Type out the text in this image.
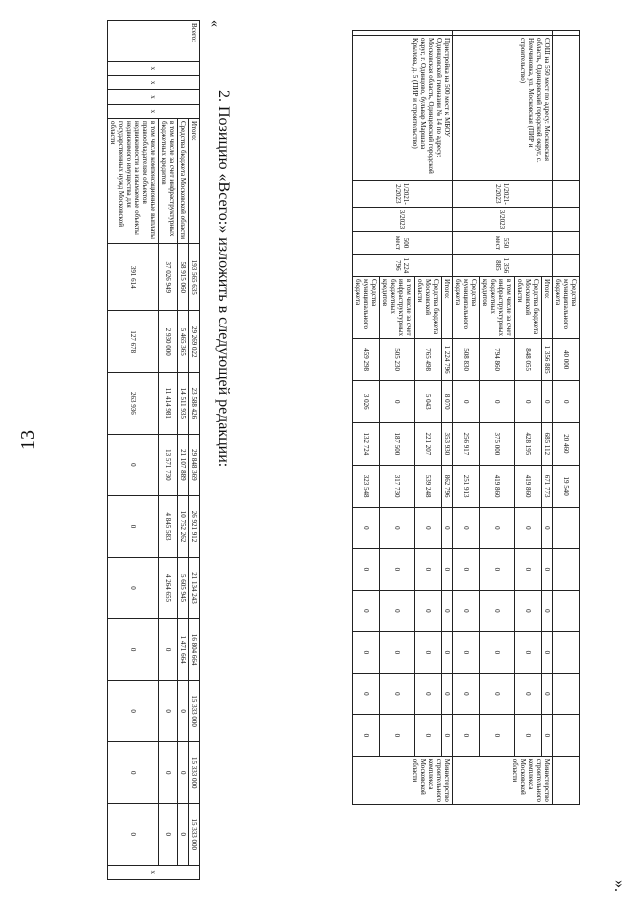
13
».
						Средства муниципального бюджета	40 000	0	20 460	19 540							
	СОШ на 550 мест по адресу: Московская область, Одинцовский городской округ, с. Немчиновка, ул. Московская (ПИР и строительство)	1/2021-2/2023	3/2023	550 мест	1 356 885	Итого:	1 356 885	0	685 112	671 773	0	0	0	0	0	0	Министерство строительного комплекса Московской области
						Средства бюджета Московской области	848 055	0	428 195	419 860	0	0	0	0	0	0	
						в том числе за счет инфраструктурных бюджетных кредитов	794 860	0	375 000	419 860	0	0	0	0	0	0	
						Средства муниципального бюджета	508 830	0	256 917	251 913	0	0	0	0	0	0	
	Пристройка на 500 мест к МБОУ Одинцовской гимназии № 14 по адресу: Московская область, Одинцовский городской округ, г. Одинцово, бульвар Маршала Крылова, д. 5 (ПИР и строительство)	1/2021-2/2023	3/2023	500 мест	1 224 796	Итого:	1 224 796	8 070	353 930	862 796	0	0	0	0	0	0	Министерство строительного комплекса Московской области
						Средства бюджета Московской области	765 498	5 043	221 207	539 248	0	0	0	0	0	0	
						в том числе за счет инфраструктурных бюджетных кредитов	505 230	0	187 500	317 730	0	0	0	0	0	0	
						Средства муниципального бюджета	459 298	3 026	132 724	323 548	0	0	0	0	0	0	
«
2. Позицию «Всего:» изложить в следующей редакции:
Всего:	x	x	x	x	Итого:	193 565 635	29 269 022	23 588 426	29 848 369	26 921 912	21 134 243	16 804 664	15 333 000	15 333 000	15 333 000	x
					Средства бюджета Московской области	58 915 060	5 465 365	14 511 935	21 107 889	10 752 262	5 605 945	1 471 664	0	0	0	
					в том числе за счет инфраструктурных бюджетных кредитов	37 026 949	2 930 000	11 414 981	13 571 730	4 845 583	4 264 655	0	0	0	0	
					в том числе компенсационные выплаты правообладателям объектов недвижимости за изымаемые объекты недвижимого имущества для государственных нужд Московской области	391 614	127 678	263 936	0	0	0	0	0	0	0	
